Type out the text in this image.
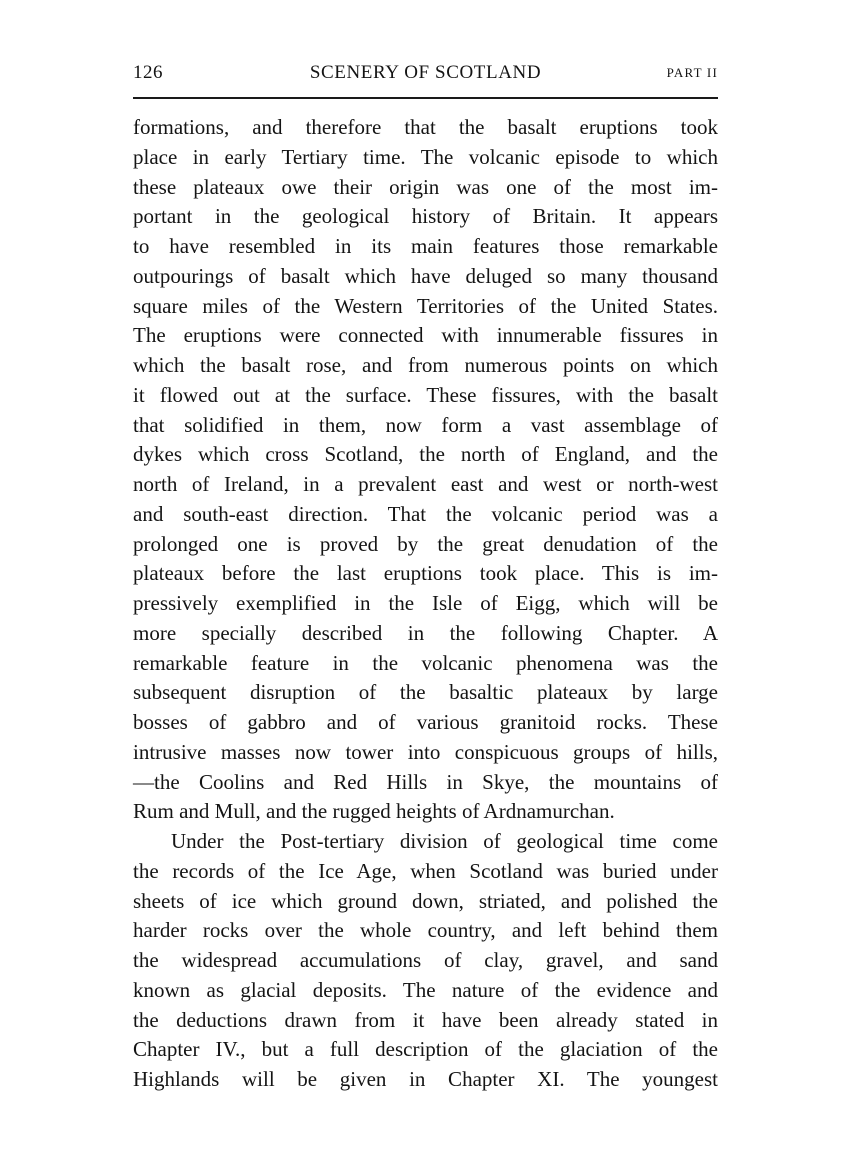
126	SCENERY OF SCOTLAND	PART II
formations, and therefore that the basalt eruptions took
place in early Tertiary time. The volcanic episode to which
these plateaux owe their origin was one of the most im-
portant in the geological history of Britain. It appears
to have resembled in its main features those remarkable
outpourings of basalt which have deluged so many thousand
square miles of the Western Territories of the United States.
The eruptions were connected with innumerable fissures in
which the basalt rose, and from numerous points on which
it flowed out at the surface. These fissures, with the basalt
that solidified in them, now form a vast assemblage of
dykes which cross Scotland, the north of England, and the
north of Ireland, in a prevalent east and west or north-west
and south-east direction. That the volcanic period was a
prolonged one is proved by the great denudation of the
plateaux before the last eruptions took place. This is im-
pressively exemplified in the Isle of Eigg, which will be
more specially described in the following Chapter. A
remarkable feature in the volcanic phenomena was the
subsequent disruption of the basaltic plateaux by large
bosses of gabbro and of various granitoid rocks. These
intrusive masses now tower into conspicuous groups of hills,
—the Coolins and Red Hills in Skye, the mountains of
Rum and Mull, and the rugged heights of Ardnamurchan.
Under the Post-tertiary division of geological time come
the records of the Ice Age, when Scotland was buried under
sheets of ice which ground down, striated, and polished the
harder rocks over the whole country, and left behind them
the widespread accumulations of clay, gravel, and sand
known as glacial deposits. The nature of the evidence and
the deductions drawn from it have been already stated in
Chapter IV., but a full description of the glaciation of the
Highlands will be given in Chapter XI. The youngest
